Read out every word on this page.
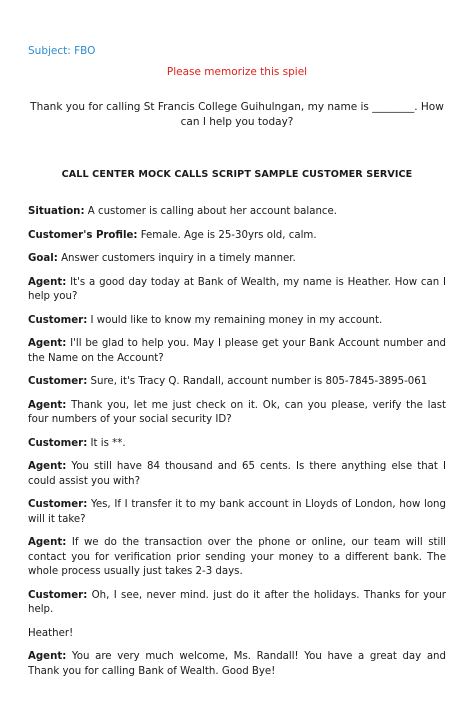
Subject: FBO
Please memorize this spiel
Thank you for calling St Francis College Guihulngan, my name is ________. How can I help you today?
CALL CENTER MOCK CALLS SCRIPT SAMPLE CUSTOMER SERVICE

Situation: A customer is calling about her account balance.

Customer's Profile: Female. Age is 25-30yrs old, calm.

Goal: Answer customers inquiry in a timely manner.

Agent: It's a good day today at Bank of Wealth, my name is Heather. How can I help you?

Customer: I would like to know my remaining money in my account.

Agent: I'll be glad to help you. May I please get your Bank Account number and the Name on the Account?

Customer: Sure, it's Tracy Q. Randall, account number is 805-7845-3895-061

Agent: Thank you, let me just check on it. Ok, can you please, verify the last four numbers of your social security ID?

Customer: It is **.

Agent: You still have 84 thousand and 65 cents. Is there anything else that I could assist you with?

Customer: Yes, If I transfer it to my bank account in Lloyds of London, how long will it take?

Agent: If we do the transaction over the phone or online, our team will still contact you for verification prior sending your money to a different bank. The whole process usually just takes 2-3 days.

Customer: Oh, I see, never mind. just do it after the holidays. Thanks for your help.

Heather!

Agent: You are very much welcome, Ms. Randall! You have a great day and Thank you for calling Bank of Wealth. Good Bye!
